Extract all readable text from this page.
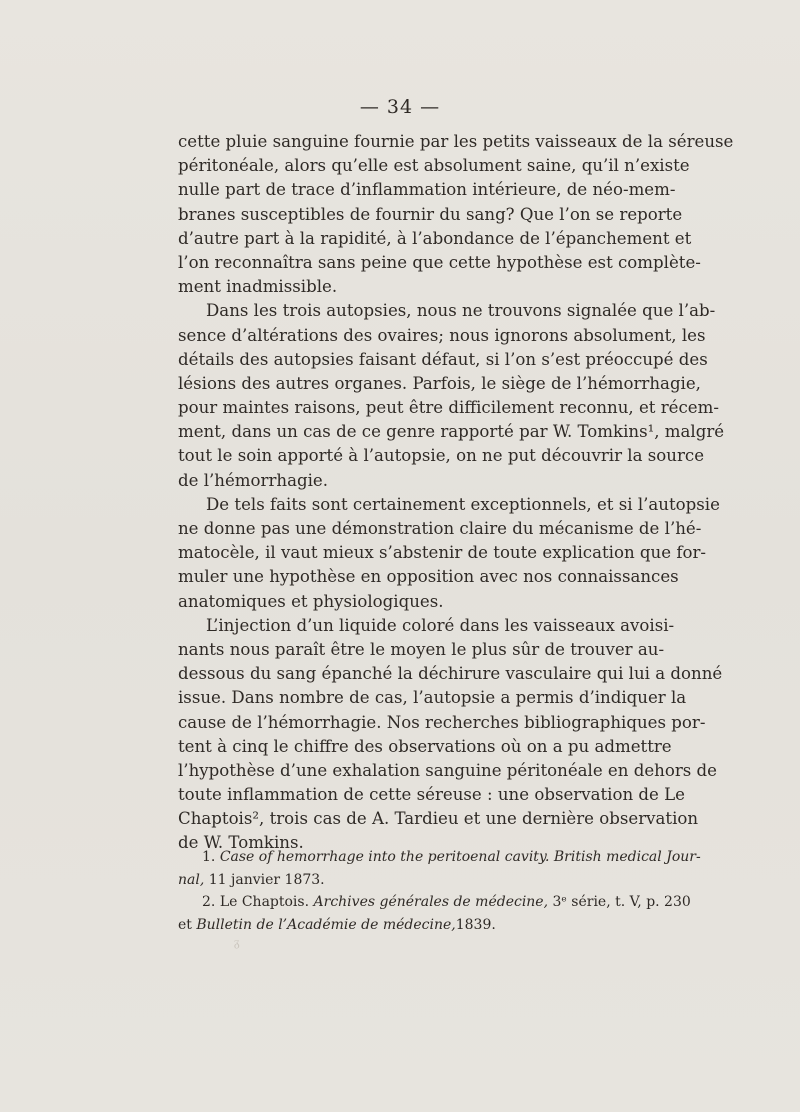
— 34 —
cette pluie sanguine fournie par les petits vaisseaux de la séreuse
péritonéale, alors qu’elle est absolument saine, qu’il n’existe
nulle part de trace d’inflammation intérieure, de néo-mem-
branes susceptibles de fournir du sang? Que l’on se reporte
d’autre part à la rapidité, à l’abondance de l’épanchement et
l’on reconnaîtra sans peine que cette hypothèse est complète-
ment inadmissible.
Dans les trois autopsies, nous ne trouvons signalée que l’ab-
sence d’altérations des ovaires; nous ignorons absolument, les
détails des autopsies faisant défaut, si l’on s’est préoccupé des
lésions des autres organes. Parfois, le siège de l’hémorrhagie,
pour maintes raisons, peut être difficilement reconnu, et récem-
ment, dans un cas de ce genre rapporté par W. Tomkins¹, malgré
tout le soin apporté à l’autopsie, on ne put découvrir la source
de l’hémorrhagie.
De tels faits sont certainement exceptionnels, et si l’autopsie
ne donne pas une démonstration claire du mécanisme de l’hé-
matocèle, il vaut mieux s’abstenir de toute explication que for-
muler une hypothèse en opposition avec nos connaissances
anatomiques et physiologiques.
L’injection d’un liquide coloré dans les vaisseaux avoisi-
nants nous paraît être le moyen le plus sûr de trouver au-
dessous du sang épanché la déchirure vasculaire qui lui a donné
issue. Dans nombre de cas, l’autopsie a permis d’indiquer la
cause de l’hémorrhagie. Nos recherches bibliographiques por-
tent à cinq le chiffre des observations où on a pu admettre
l’hypothèse d’une exhalation sanguine péritonéale en dehors de
toute inflammation de cette séreuse : une observation de Le
Chaptois², trois cas de A. Tardieu et une dernière observation
de W. Tomkins.
1. Case of hemorrhage into the peritoenal cavity. British medical Jour-
nal, 11 janvier 1873.
2. Le Chaptois. Archives générales de médecine, 3ᵉ série, t. V, p. 230
et Bulletin de l’Académie de médecine,1839.
ᵹ
